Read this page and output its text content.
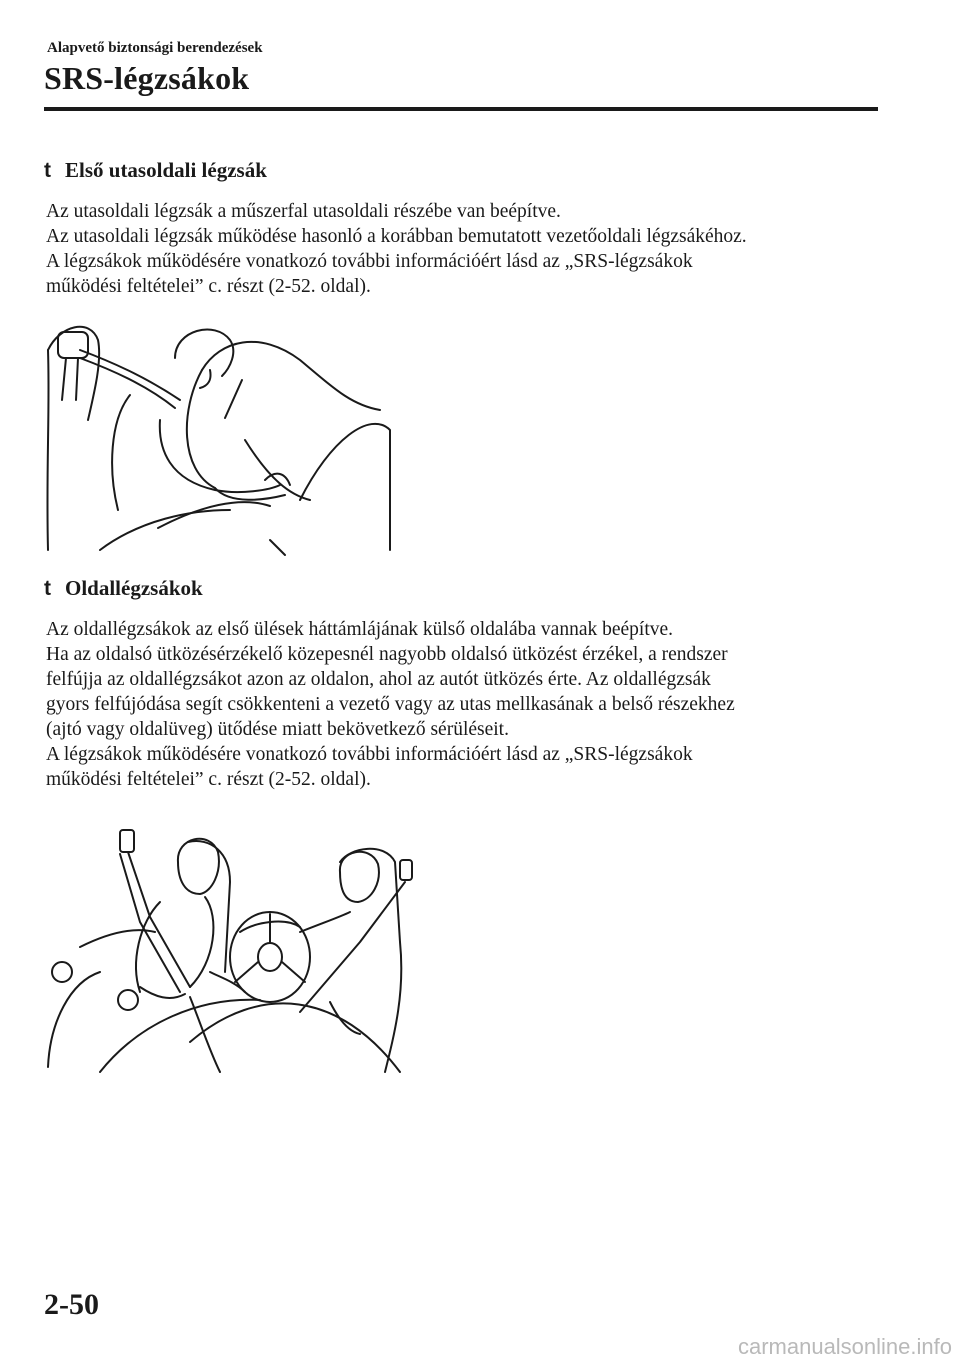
Alapvető biztonsági berendezések
SRS-légzsákok
t Első utasoldali légzsák
Az utasoldali légzsák a műszerfal utasoldali részébe van beépítve.
Az utasoldali légzsák működése hasonló a korábban bemutatott vezetőoldali légzsákéhoz.
A légzsákok működésére vonatkozó további információért lásd az „SRS-légzsákok
működési feltételei” c. részt (2-52. oldal).
t Oldallégzsákok
Az oldallégzsákok az első ülések háttámlájának külső oldalába vannak beépítve.
Ha az oldalsó ütközésérzékelő közepesnél nagyobb oldalsó ütközést érzékel, a rendszer
felfújja az oldallégzsákot azon az oldalon, ahol az autót ütközés érte. Az oldallégzsák
gyors felfújódása segít csökkenteni a vezető vagy az utas mellkasának a belső részekhez
(ajtó vagy oldalüveg) ütődése miatt bekövetkező sérüléseit.
A légzsákok működésére vonatkozó további információért lásd az „SRS-légzsákok
működési feltételei” c. részt (2-52. oldal).
2-50
carmanualsonline.info
